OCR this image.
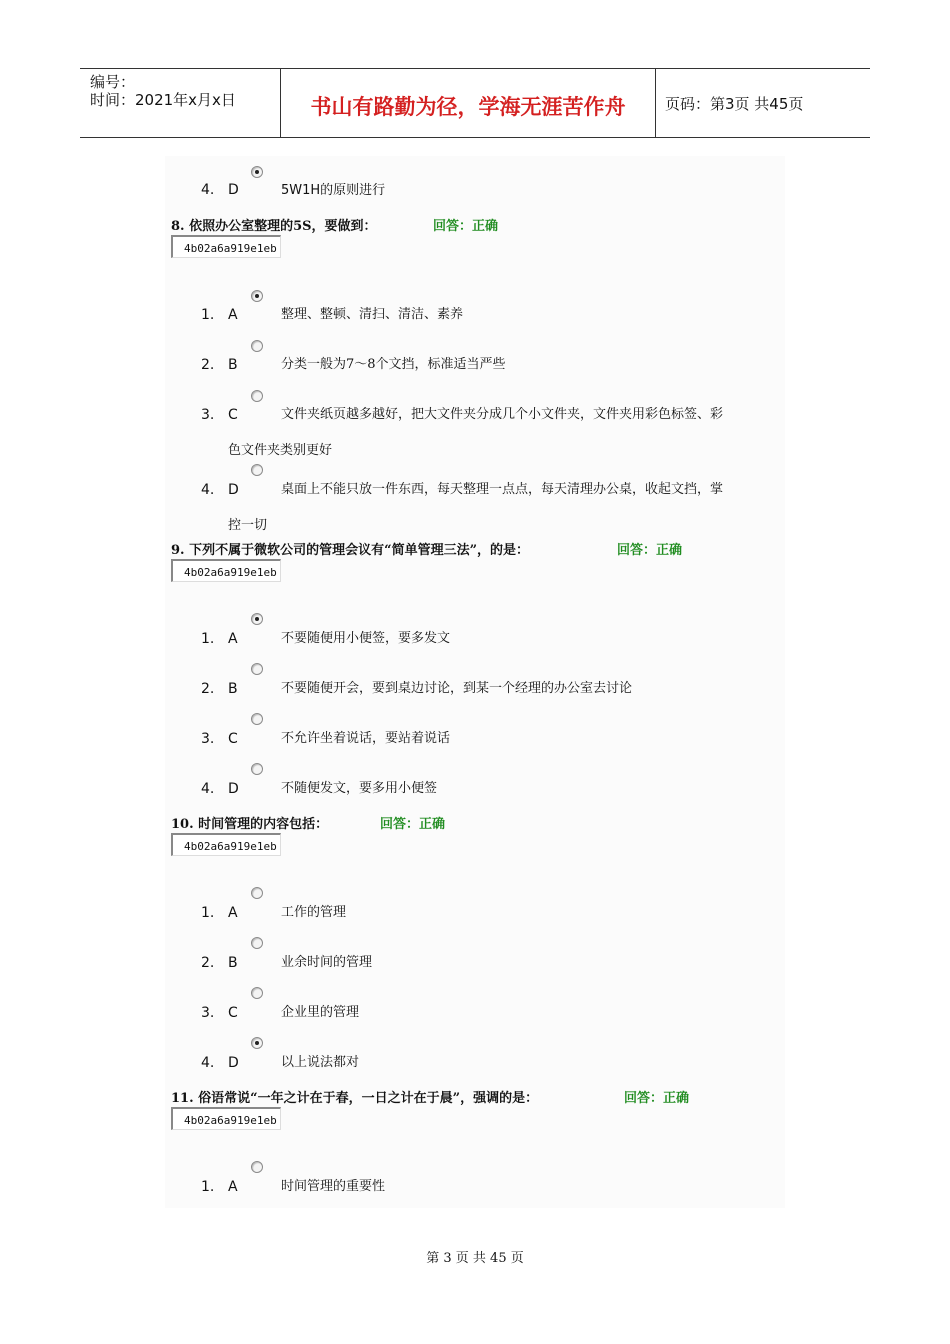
编号：
时间：2021年x月x日	书山有路勤为径，学海无涯苦作舟	页码：第3页 共45页
4. D	5W1H的原则进行
8. 依照办公室整理的5S，要做到：	回答：正确
4b02a6a919e1eb
1. A	整理、整顿、清扫、清洁、素养
2. B	分类一般为7～8个文挡，标准适当严些
3. C	文件夹纸页越多越好，把大文件夹分成几个小文件夹，文件夹用彩色标签、彩
色文件夹类别更好
4. D	桌面上不能只放一件东西，每天整理一点点，每天清理办公桌，收起文挡，掌
控一切
9. 下列不属于微软公司的管理会议有“简单管理三法”，的是：	回答：正确
4b02a6a919e1eb
1. A	不要随便用小便签，要多发文
2. B	不要随便开会，要到桌边讨论，到某一个经理的办公室去讨论
3. C	不允许坐着说话，要站着说话
4. D	不随便发文，要多用小便签
10. 时间管理的内容包括：	回答：正确
4b02a6a919e1eb
1. A	工作的管理
2. B	业余时间的管理
3. C	企业里的管理
4. D	以上说法都对
11. 俗语常说“一年之计在于春，一日之计在于晨”，强调的是：	回答：正确
4b02a6a919e1eb
1. A	时间管理的重要性
第 3 页 共 45 页
